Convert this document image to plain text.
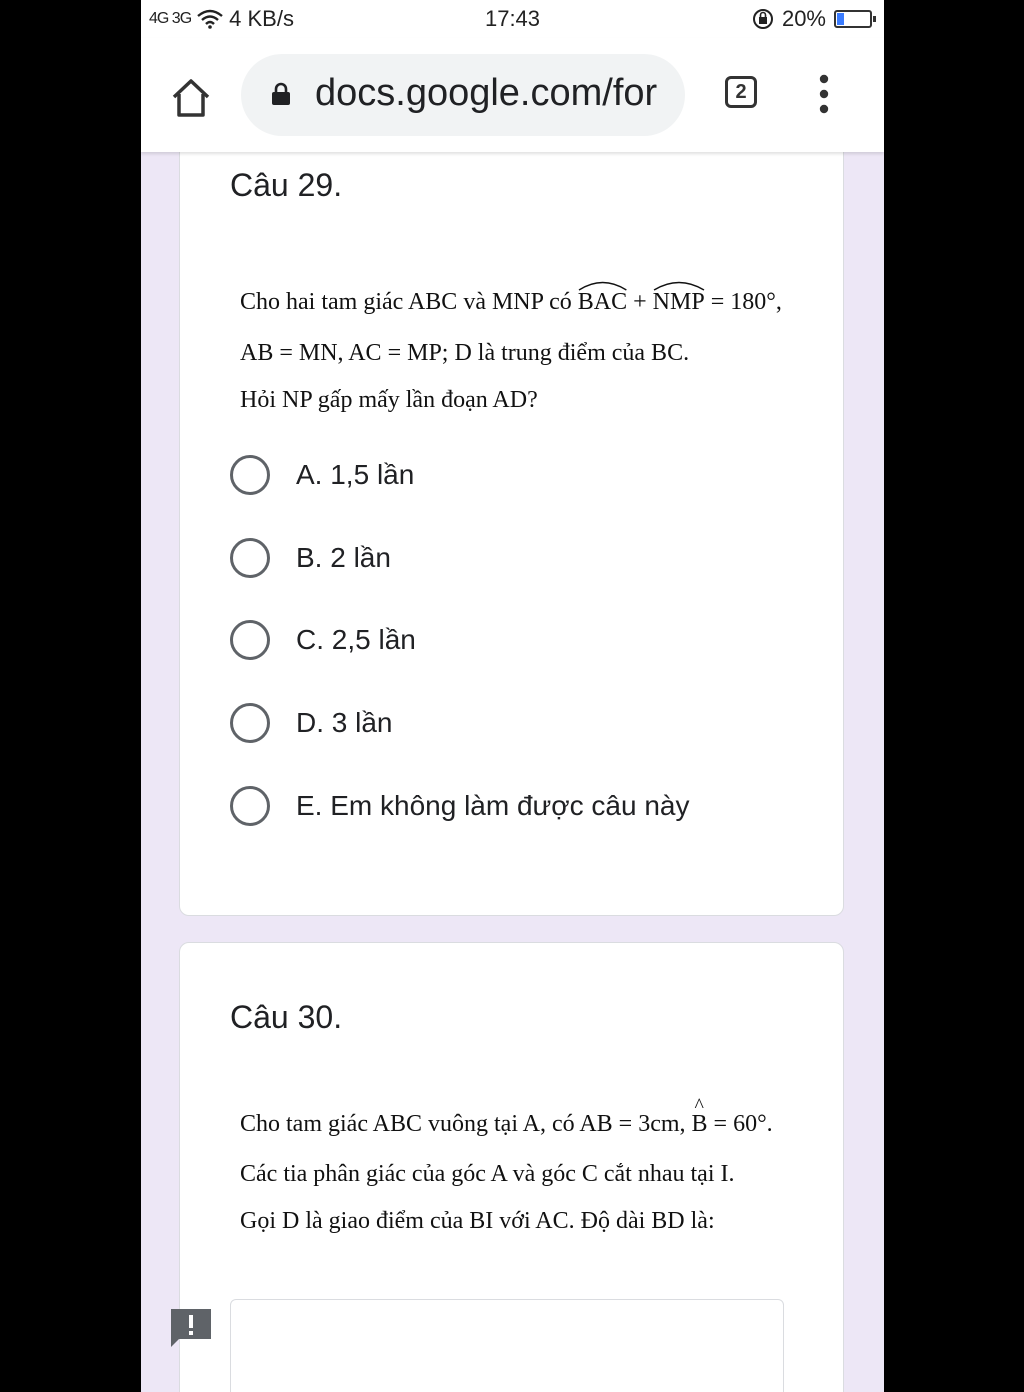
4G 3G 4 KB/s	17:43	20%
docs.google.com/for	2
Câu 29.
Cho hai tam giác ABC và MNP có BAC + NMP = 180°,
AB = MN, AC = MP; D là trung điểm của BC.
Hỏi NP gấp mấy lần đoạn AD?
A. 1,5 lần
B. 2 lần
C. 2,5 lần
D. 3 lần
E. Em không làm được câu này
Câu 30.
Cho tam giác ABC vuông tại A, có AB = 3cm, ^ B = 60°.
Các tia phân giác của góc A và góc C cắt nhau tại I.
Gọi D là giao điểm của BI với AC. Độ dài BD là:
